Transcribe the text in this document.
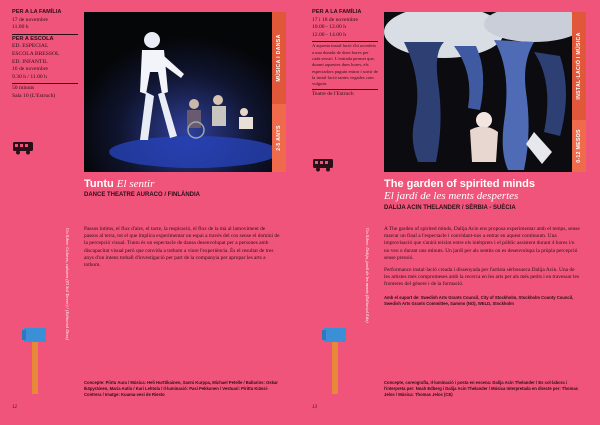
PER A LA FAMÍLIA
17 de novembre
11.00 h
PER A ESCOLA
ED. ESPECIAL
ESCOLA BRESSOL
ED. INFANTIL
16 de novembre
9.30 h / 11.00 h
50 minuts
Sala 10 (L'Estruch)
MÚSICA I DANSA
2-5 ANYS
Tuntu El sentir
DANCE THEATRE AURACO / FINLÀNDIA
Passos íntims, el flux d'aire, el tacte, la respiració, el flux de la mà al lamoviment de passos al terra, tot el que implica experimentar un espai a través del cos sense el domini de la percepció visual. Tuntu és un espectacle de dansa desenvolupat per a persones amb discapacitat visual però que convida a tothom a viure l'experiència. És el resultat de tres anys d'un intens treball d'investigació per part de la companyia per apropar les arts a tothom.
Un llibre: Colores, cabures (El Sol Tercer) / (Editorial Dexs)
Concepte: Piirtu Aura / Música: Heli Hurttikainen, Sanni Kurppa, Michael Petelle / Ballarins: Oskar Ikäpyräinen, Maria Autio / Kari Lehtola / Il·luminació: Pasi Pekkonen / Vestuari: Pirittu Kiässi-Contrera / Imatge: Kuuma-vesi de Riesto
12
PER A LA FAMÍLIA
17 i 18 de novembre
10.00 - 12.00 h
12.00 - 14.00 h
A aquesta instal·lació s'hi accedeix a una durada de dues hores per cada sessió. L'entrada permet que, durant aquestes dues hores, els espectadors puguin entrar i sortir de la instal·lació tantes vegades com vulguin.
Teatre de l'Estruch	INSTAL·LACIÓ I MÚSICA
0-12 MESOS
The garden of spirited minds
El jardí de les ments despertes
DALIJA ACIN THELANDER / SÈRBIA - SUÈCIA
A The garden of spirited minds, Dalija Acin ens proposa experimentar amb el temps, sense marcar un final a l'espectacle i convidant-nos a entrar en aquest continuum. Una improvisació que s'anirà teixint entre els intèrprets i el públic assistent durant 4 hores i/o no veu o durant uns minuts. Un jardí per als sentits on es desenvolupa la pròpia percepció sense pressió.
Performance instal·lació creada i dissenyada per l'artista sèrbosueca Dalija Acin. Una de les artistes més compromeses amb la recerca en les arts per als més petits i en travessar les fronteres del gènere i de la formació.
Amb el suport de: Swedish Arts Grants Council, City of Stockholm, Stockholm County Council, Swedish Arts Grants Committee, Sammo (NO), WELD, Stockholm
Un llibre: Dalija, jardí de les ments (Editorial Edx)
Concepte, coreografia, Il·luminació i posta en escena: Dalija Acin Thelander / Es col·labora i l'interpreta per: Noah Edberg i Dalija Acin Thelander / Música Interpretada en directe per: Thomas Jelos / Música: Thomas Jelos (CE)
13
